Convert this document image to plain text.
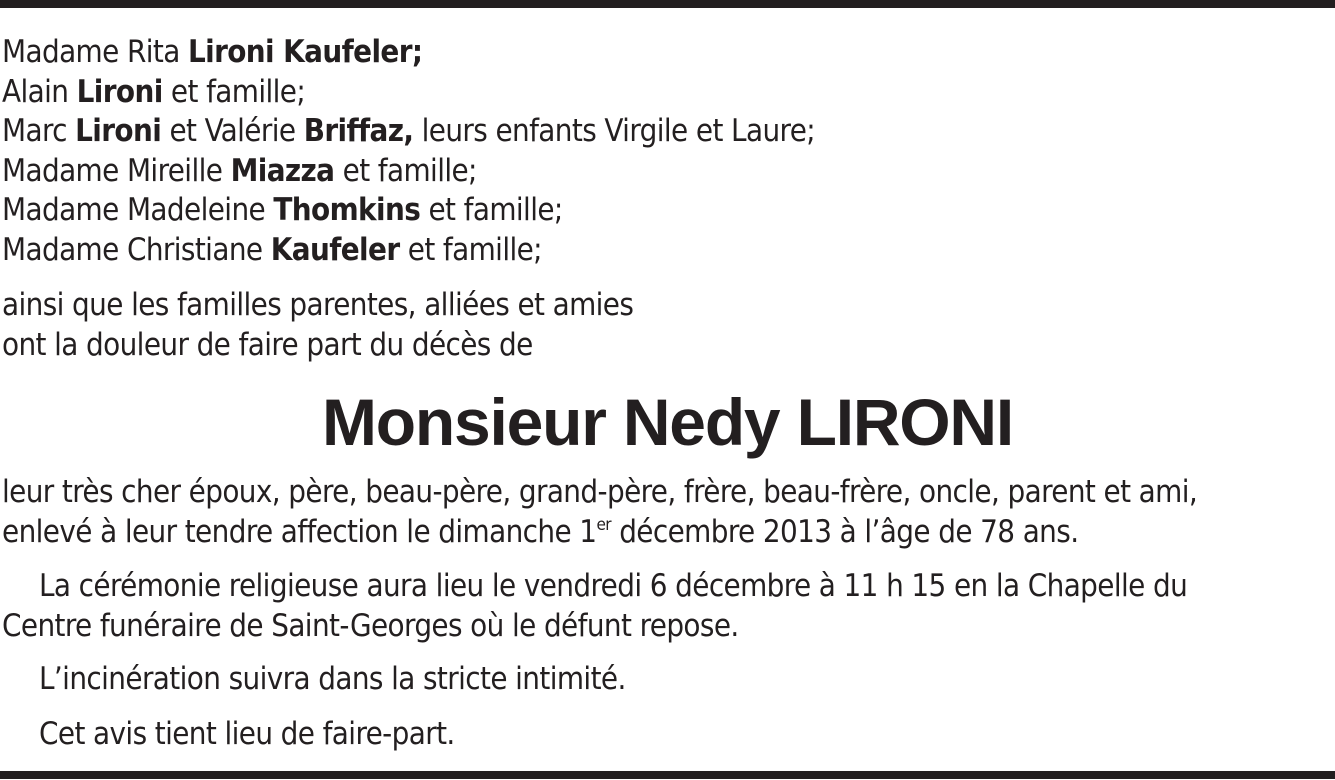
Madame Rita Lironi Kaufeler;
Alain Lironi et famille;
Marc Lironi et Valérie Briffaz, leurs enfants Virgile et Laure;
Madame Mireille Miazza et famille;
Madame Madeleine Thomkins et famille;
Madame Christiane Kaufeler et famille;
ainsi que les familles parentes, alliées et amies
ont la douleur de faire part du décès de
Monsieur Nedy LIRONI
leur très cher époux, père, beau-père, grand-père, frère, beau-frère, oncle, parent et ami,
enlevé à leur tendre affection le dimanche 1er décembre 2013 à l’âge de 78 ans.
La cérémonie religieuse aura lieu le vendredi 6 décembre à 11 h 15 en la Chapelle du
Centre funéraire de Saint-Georges où le défunt repose.
L’incinération suivra dans la stricte intimité.
Cet avis tient lieu de faire-part.
